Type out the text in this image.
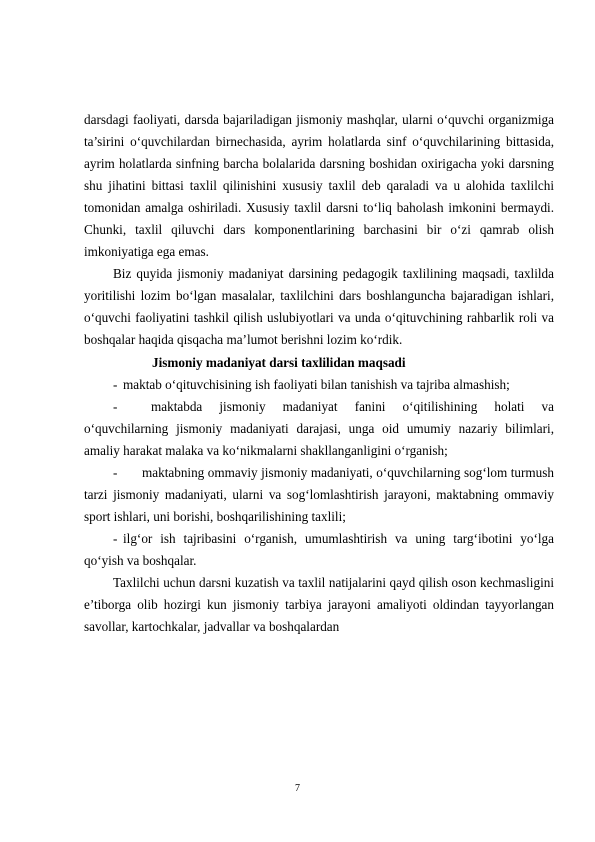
darsdagi faoliyati, darsda bajariladigan jismoniy mashqlar, ularni o‘quvchi organizmiga ta’sirini o‘quvchilardan birnechasida, ayrim holatlarda sinf o‘quvchilarining bittasida, ayrim holatlarda sinfning barcha bolalarida darsning boshidan oxirigacha yoki darsning shu jihatini bittasi taxlil qilinishini xususiy taxlil deb qaraladi va u alohida taxlilchi tomonidan amalga oshiriladi. Xususiy taxlil darsni to‘liq baholash imkonini bermaydi. Chunki, taxlil qiluvchi dars komponentlarining barchasini bir o‘zi qamrab olish imkoniyatiga ega emas.

Biz quyida jismoniy madaniyat darsining pedagogik taxlilining maqsadi, taxlilda yoritilishi lozim bo‘lgan masalalar, taxlilchini dars boshlanguncha bajaradigan ishlari, o‘quvchi faoliyatini tashkil qilish uslubiyotlari va unda o‘qituvchining rahbarlik roli va boshqalar haqida qisqacha ma’lumot berishni lozim ko‘rdik.

Jismoniy madaniyat darsi taxlilidan maqsadi

- maktab o‘qituvchisining ish faoliyati bilan tanishish va tajriba almashish;

-	maktabda jismoniy madaniyat fanini o‘qitilishining holati va o‘quvchilarning jismoniy madaniyati darajasi, unga oid umumiy nazariy bilimlari, amaliy harakat malaka va ko‘nikmalarni shakllanganligini o‘rganish;

- maktabning ommaviy jismoniy madaniyati, o‘quvchilarning sog‘lom turmush tarzi jismoniy madaniyati, ularni va sog‘lomlashtirish jarayoni, maktabning ommaviy sport ishlari, uni borishi, boshqarilishining taxlili;

- ilg‘or ish tajribasini o‘rganish, umumlashtirish va uning targ‘ibotini yo‘lga qo‘yish va boshqalar.

Taxlilchi uchun darsni kuzatish va taxlil natijalarini qayd qilish oson kechmasligini e’tiborga olib hozirgi kun jismoniy tarbiya jarayoni amaliyoti oldindan tayyorlangan savollar, kartochkalar, jadvallar va boshqalardan

7
